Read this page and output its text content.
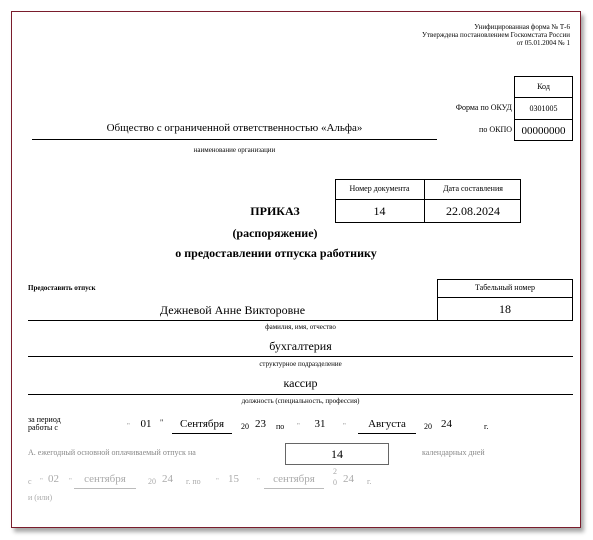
Унифицированная форма № Т-6
Утверждена постановлением Госкомстата России
от 05.01.2004 № 1
Код
0301005
00000000
Форма по ОКУД
по ОКПО
Общество с ограниченной ответственностью «Альфа»
наименование организации
Номер документа	Дата составления
14	22.08.2024
ПРИКАЗ
(распоряжение)
о предоставлении отпуска работнику
Предоставить отпуск	Табельный номер
18
Дежневой Анне Викторовне
фамилия, имя, отчество
бухгалтерия
структурное подразделение
кассир
должность (специальность, профессия)
за период
работы с	" 01	"	Сентября	20 23 по "	31	"	Августа	20 24	г.
А. ежегодный основной оплачиваемый отпуск на	14	календарных дней
с " 02 "	сентября	20 24 г. по " 15	"	сентября
2
0 24 г.
и (или)
